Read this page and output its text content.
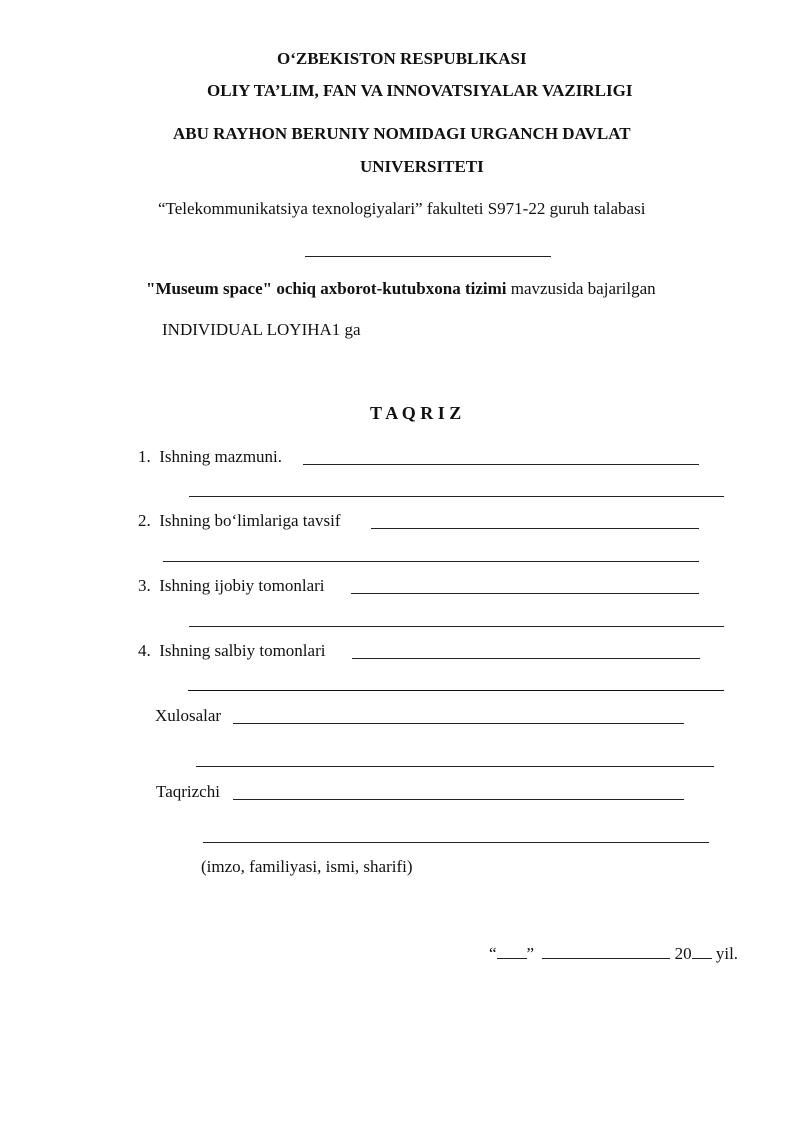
O‘ZBEKISTON RESPUBLIKASI
OLIY TA’LIM, FAN VA INNOVATSIYALAR VAZIRLIGI
ABU RAYHON BERUNIY NOMIDAGI URGANCH DAVLAT
UNIVERSITETI
“Telekommunikatsiya texnologiyalari” fakulteti S971-22 guruh talabasi
"Museum space" ochiq axborot-kutubxona tizimi mavzusida bajarilgan
INDIVIDUAL LOYIHA1 ga
T A Q R I Z
1. Ishning mazmuni.
2. Ishning bo‘limlariga tavsif
3. Ishning ijobiy tomonlari
4. Ishning salbiy tomonlari
Xulosalar
Taqrizchi
(imzo, familiyasi, ismi, sharifi)
“ ”	20 yil.
